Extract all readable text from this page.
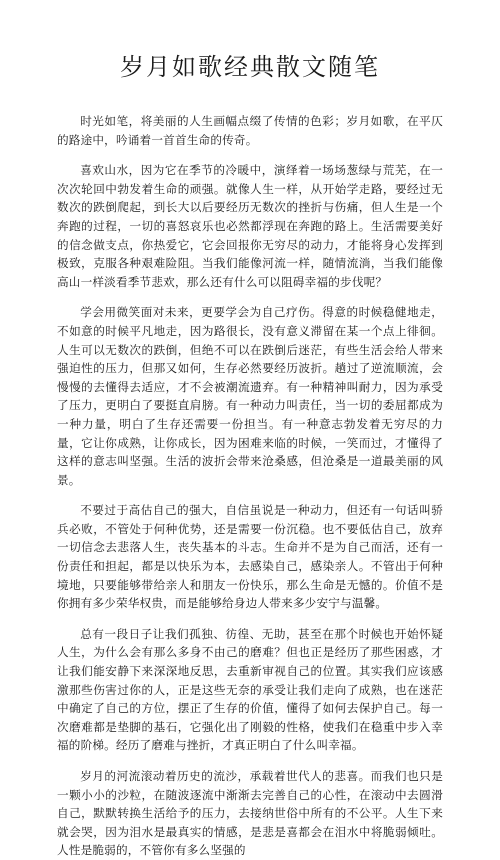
岁月如歌经典散文随笔

时光如笔，将美丽的人生画幅点缀了传情的色彩；岁月如歌，在平仄的路途中，吟诵着一首首生命的传奇。

喜欢山水，因为它在季节的冷暖中，演绎着一场场葱绿与荒芜，在一次次轮回中勃发着生命的顽强。就像人生一样，从开始学走路，要经过无数次的跌倒爬起，到长大以后要经历无数次的挫折与伤痛，但人生是一个奔跑的过程，一切的喜怒哀乐也必然都浮现在奔跑的路上。生活需要美好的信念做支点，你热爱它，它会回报你无穷尽的动力，才能将身心发挥到极致，克服各种艰难险阻。当我们能像河流一样，随情流淌，当我们能像高山一样淡看季节悲欢，那么还有什么可以阻碍幸福的步伐呢？

学会用微笑面对未来，更要学会为自己疗伤。得意的时候稳健地走，不如意的时候平凡地走，因为路很长，没有意义滞留在某一个点上徘徊。人生可以无数次的跌倒，但绝不可以在跌倒后迷茫，有些生活会给人带来强迫性的压力，但那又如何，生存必然要经历波折。趟过了逆流顺流，会慢慢的去懂得去适应，才不会被潮流遗弃。有一种精神叫耐力，因为承受了压力，更明白了要挺直肩膀。有一种动力叫责任，当一切的委屈都成为一种力量，明白了生存还需要一份担当。有一种意志勃发着无穷尽的力量，它让你成熟，让你成长，因为困难来临的时候，一笑而过，才懂得了这样的意志叫坚强。生活的波折会带来沧桑感，但沧桑是一道最美丽的风景。

不要过于高估自己的强大，自信虽说是一种动力，但还有一句话叫骄兵必败，不管处于何种优势，还是需要一份沉稳。也不要低估自己，放弃一切信念去悲落人生，丧失基本的斗志。生命并不是为自己而活，还有一份责任和担起，都是以快乐为本，去感染自己，感染亲人。不管出于何种境地，只要能够带给亲人和朋友一份快乐，那么生命是无憾的。价值不是你拥有多少荣华权贵，而是能够给身边人带来多少安宁与温馨。

总有一段日子让我们孤独、彷徨、无助，甚至在那个时候也开始怀疑人生，为什么会有那么多身不由己的磨难？但也正是经历了那些困惑，才让我们能安静下来深深地反思，去重新审视自己的位置。其实我们应该感激那些伤害过你的人，正是这些无奈的承受让我们走向了成熟，也在迷茫中确定了自己的方位，摆正了生存的价值，懂得了如何去保护自己。每一次磨难都是垫脚的基石，它强化出了刚毅的性格，使我们在稳重中步入幸福的阶梯。经历了磨难与挫折，才真正明白了什么叫幸福。

岁月的河流滚动着历史的流沙，承载着世代人的悲喜。而我们也只是一颗小小的沙粒，在随波逐流中渐渐去完善自己的心性，在滚动中去圆滑自己，默默转换生活给予的压力，去接纳世俗中所有的不公平。人生下来就会哭，因为泪水是最真实的情感，是悲是喜都会在泪水中将脆弱倾吐。人性是脆弱的，不管你有多么坚强的
